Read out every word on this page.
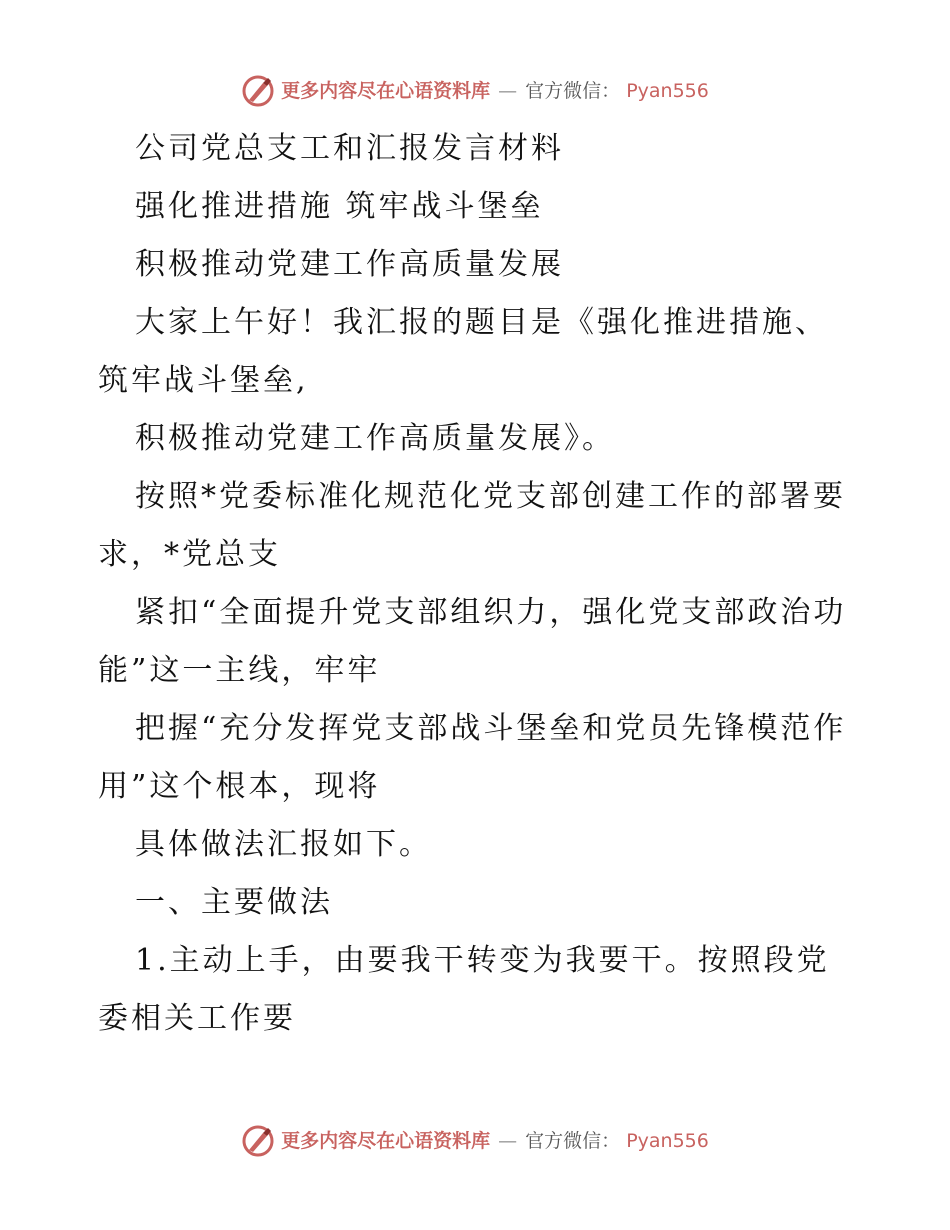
更多内容尽在心语资料库 — 官方微信： Pyan556

公司党总支工和汇报发言材料

强化推进措施 筑牢战斗堡垒

积极推动党建工作高质量发展

大家上午好！我汇报的题目是《强化推进措施、筑牢战斗堡垒,

积极推动党建工作高质量发展》。

按照*党委标准化规范化党支部创建工作的部署要求，*党总支

紧扣“全面提升党支部组织力，强化党支部政治功能”这一主线，牢牢

把握“充分发挥党支部战斗堡垒和党员先锋模范作用”这个根本，现将

具体做法汇报如下。

一、主要做法

1.主动上手，由要我干转变为我要干。按照段党委相关工作要

更多内容尽在心语资料库 — 官方微信： Pyan556
